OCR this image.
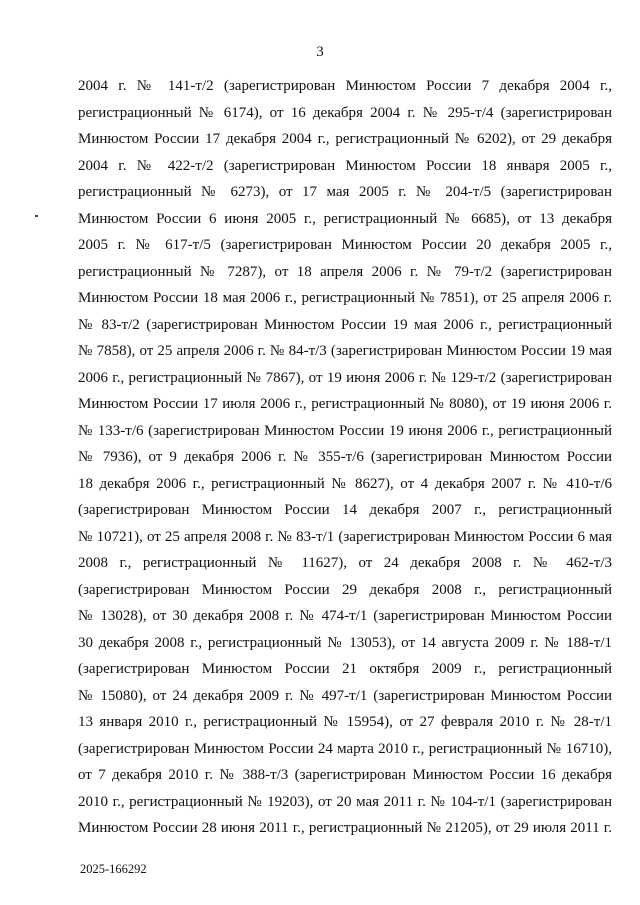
3
2004 г. № 141-т/2 (зарегистрирован Минюстом России 7 декабря 2004 г.,
регистрационный № 6174), от 16 декабря 2004 г. № 295-т/4 (зарегистрирован
Минюстом России 17 декабря 2004 г., регистрационный № 6202), от 29 декабря
2004 г. № 422-т/2 (зарегистрирован Минюстом России 18 января 2005 г.,
регистрационный № 6273), от 17 мая 2005 г. № 204-т/5 (зарегистрирован
Минюстом России 6 июня 2005 г., регистрационный № 6685), от 13 декабря
2005 г. № 617-т/5 (зарегистрирован Минюстом России 20 декабря 2005 г.,
регистрационный № 7287), от 18 апреля 2006 г. № 79-т/2 (зарегистрирован
Минюстом России 18 мая 2006 г., регистрационный № 7851), от 25 апреля 2006 г.
№ 83-т/2 (зарегистрирован Минюстом России 19 мая 2006 г., регистрационный
№ 7858), от 25 апреля 2006 г. № 84-т/3 (зарегистрирован Минюстом России 19 мая
2006 г., регистрационный № 7867), от 19 июня 2006 г. № 129-т/2 (зарегистрирован
Минюстом России 17 июля 2006 г., регистрационный № 8080), от 19 июня 2006 г.
№ 133-т/6 (зарегистрирован Минюстом России 19 июня 2006 г., регистрационный
№ 7936), от 9 декабря 2006 г. № 355-т/6 (зарегистрирован Минюстом России
18 декабря 2006 г., регистрационный № 8627), от 4 декабря 2007 г. № 410-т/6
(зарегистрирован Минюстом России 14 декабря 2007 г., регистрационный
№ 10721), от 25 апреля 2008 г. № 83-т/1 (зарегистрирован Минюстом России 6 мая
2008 г., регистрационный № 11627), от 24 декабря 2008 г. № 462-т/3
(зарегистрирован Минюстом России 29 декабря 2008 г., регистрационный
№ 13028), от 30 декабря 2008 г. № 474-т/1 (зарегистрирован Минюстом России
30 декабря 2008 г., регистрационный № 13053), от 14 августа 2009 г. № 188-т/1
(зарегистрирован Минюстом России 21 октября 2009 г., регистрационный
№ 15080), от 24 декабря 2009 г. № 497-т/1 (зарегистрирован Минюстом России
13 января 2010 г., регистрационный № 15954), от 27 февраля 2010 г. № 28-т/1
(зарегистрирован Минюстом России 24 марта 2010 г., регистрационный № 16710),
от 7 декабря 2010 г. № 388-т/3 (зарегистрирован Минюстом России 16 декабря
2010 г., регистрационный № 19203), от 20 мая 2011 г. № 104-т/1 (зарегистрирован
Минюстом России 28 июня 2011 г., регистрационный № 21205), от 29 июля 2011 г.
2025-166292
